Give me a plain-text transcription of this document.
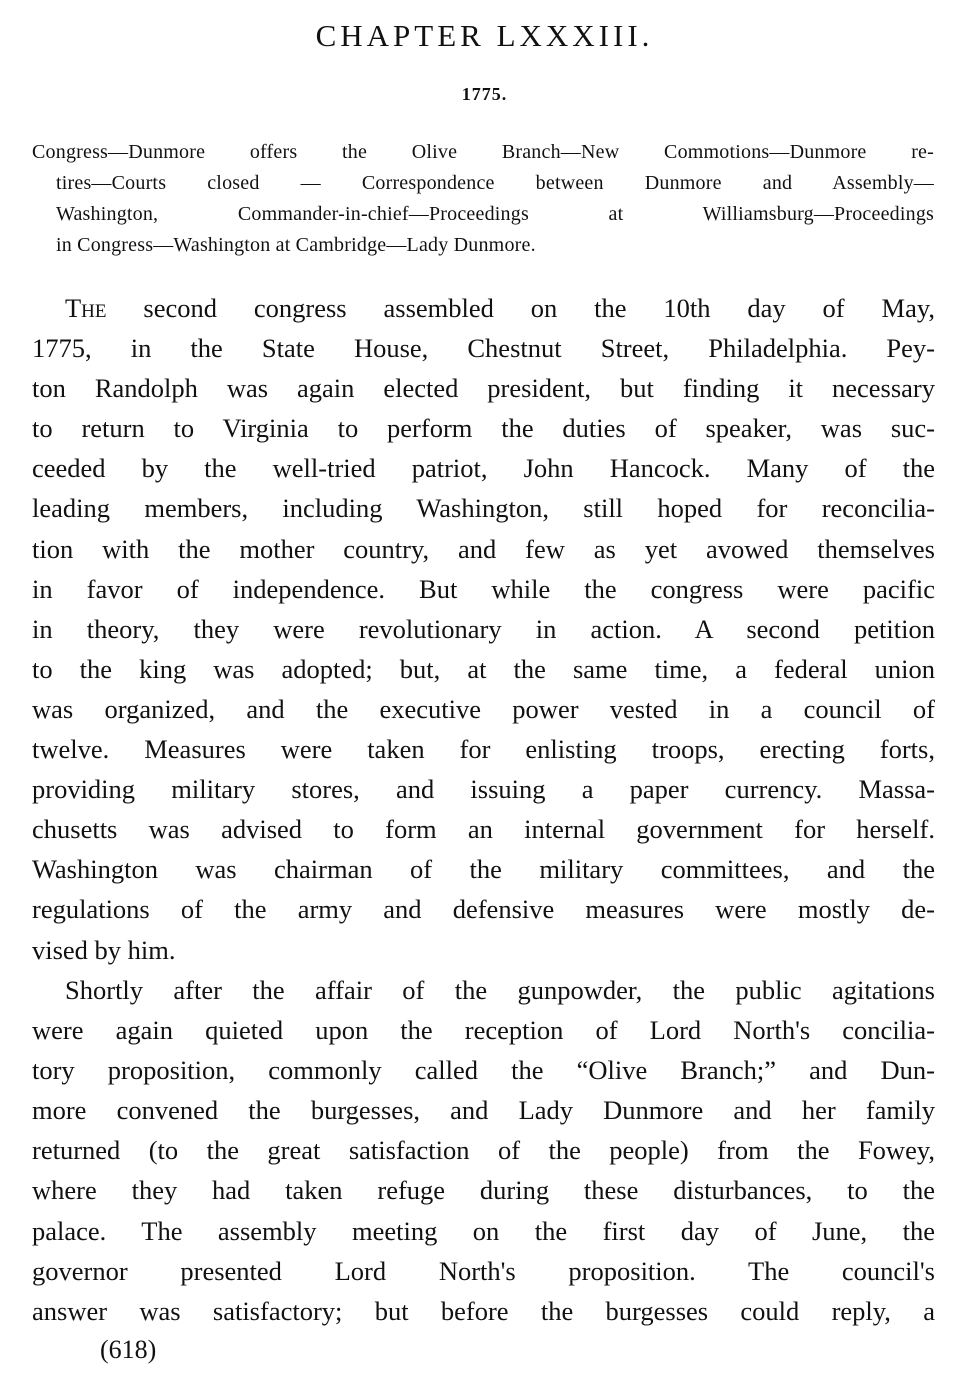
CHAPTER LXXXIII.
1775.
Congress—Dunmore offers the Olive Branch—New Commotions—Dunmore re-
tires—Courts closed — Correspondence between Dunmore and Assembly—
Washington, Commander-in-chief—Proceedings at Williamsburg—Proceedings
in Congress—Washington at Cambridge—Lady Dunmore.
The second congress assembled on the 10th day of May,
1775, in the State House, Chestnut Street, Philadelphia. Pey-
ton Randolph was again elected president, but finding it necessary
to return to Virginia to perform the duties of speaker, was suc-
ceeded by the well-tried patriot, John Hancock. Many of the
leading members, including Washington, still hoped for reconcilia-
tion with the mother country, and few as yet avowed themselves
in favor of independence. But while the congress were pacific
in theory, they were revolutionary in action. A second petition
to the king was adopted; but, at the same time, a federal union
was organized, and the executive power vested in a council of
twelve. Measures were taken for enlisting troops, erecting forts,
providing military stores, and issuing a paper currency. Massa-
chusetts was advised to form an internal government for herself.
Washington was chairman of the military committees, and the
regulations of the army and defensive measures were mostly de-
vised by him.
Shortly after the affair of the gunpowder, the public agitations
were again quieted upon the reception of Lord North's concilia-
tory proposition, commonly called the “Olive Branch;” and Dun-
more convened the burgesses, and Lady Dunmore and her family
returned (to the great satisfaction of the people) from the Fowey,
where they had taken refuge during these disturbances, to the
palace. The assembly meeting on the first day of June, the
governor presented Lord North's proposition. The council's
answer was satisfactory; but before the burgesses could reply, a
(618)
